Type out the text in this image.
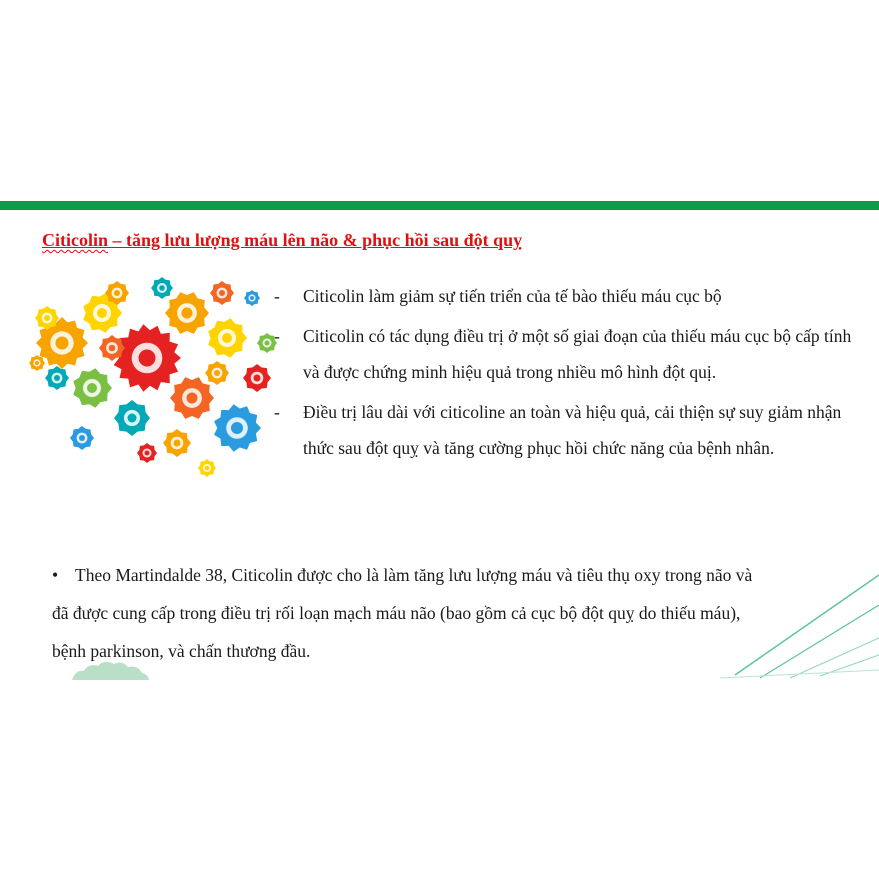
Citicolin – tăng lưu lượng máu lên não & phục hồi sau đột quỵ
- Citicolin làm giảm sự tiến triển của tế bào thiếu máu cục bộ
- Citicolin có tác dụng điều trị ở một số giai đoạn của thiếu máu cục bộ cấp tính và được chứng minh hiệu quả trong nhiều mô hình đột quị.
- Điều trị lâu dài với citicoline an toàn và hiệu quả, cải thiện sự suy giảm nhận thức sau đột quỵ và tăng cường phục hồi chức năng của bệnh nhân.
• Theo Martindalde 38, Citicolin được cho là làm tăng lưu lượng máu và tiêu thụ oxy trong não và
đã được cung cấp trong điều trị rối loạn mạch máu não (bao gồm cả cục bộ đột quỵ do thiếu máu),
bệnh parkinson, và chấn thương đầu.
